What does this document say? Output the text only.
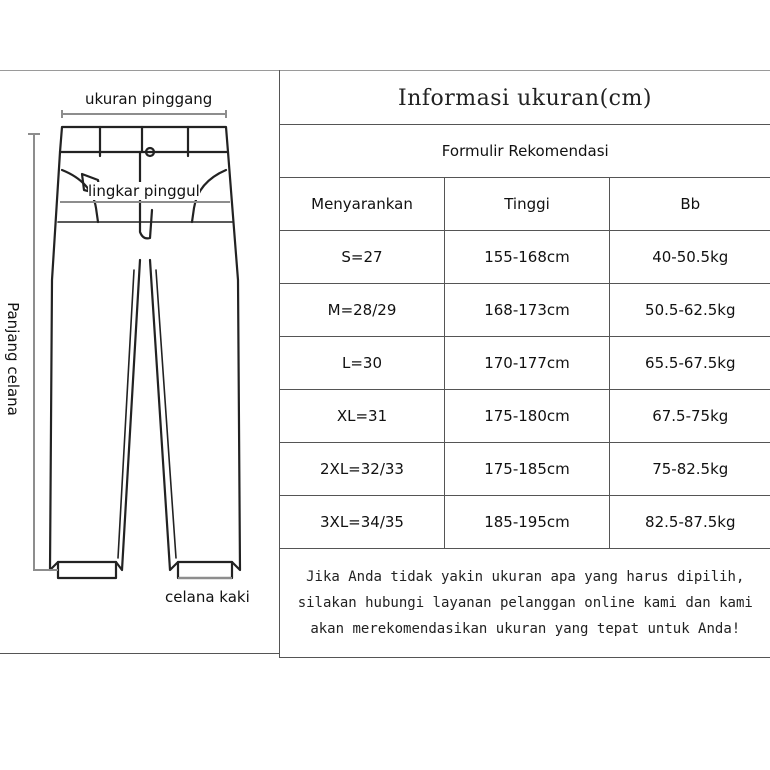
ukuran pinggang
lingkar pinggul
Panjang celana
celana kaki
Informasi ukuran(cm)
Formulir Rekomendasi		
Menyarankan	Tinggi	Bb
S=27	155-168cm	40-50.5kg
M=28/29	168-173cm	50.5-62.5kg
L=30	170-177cm	65.5-67.5kg
XL=31	175-180cm	67.5-75kg
2XL=32/33	175-185cm	75-82.5kg
3XL=34/35	185-195cm	82.5-87.5kg
Jika Anda tidak yakin ukuran apa yang harus dipilih, silakan hubungi layanan pelanggan online kami dan kami akan merekomendasikan ukuran yang tepat untuk Anda!		
